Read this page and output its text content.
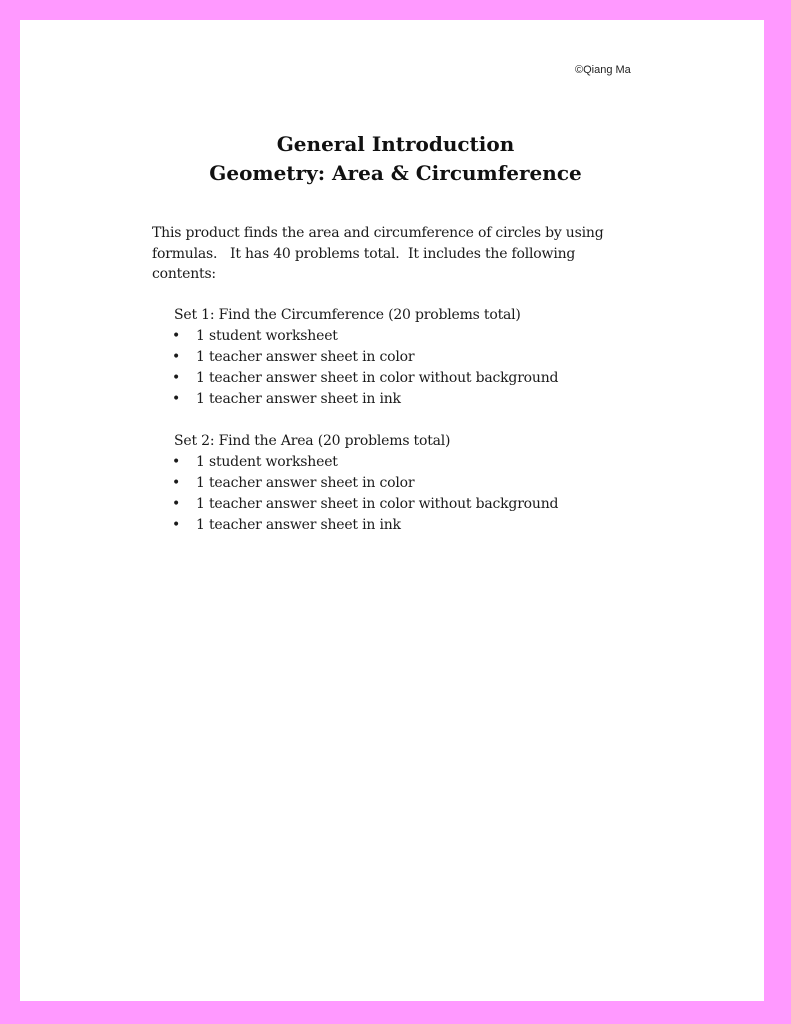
©Qiang Ma
General Introduction
Geometry: Area & Circumference
This product finds the area and circumference of circles by using
formulas.   It has 40 problems total.  It includes the following
contents:
Set 1: Find the Circumference (20 problems total)
• 1 student worksheet
• 1 teacher answer sheet in color
• 1 teacher answer sheet in color without background
• 1 teacher answer sheet in ink
Set 2: Find the Area (20 problems total)
• 1 student worksheet
• 1 teacher answer sheet in color
• 1 teacher answer sheet in color without background
• 1 teacher answer sheet in ink
